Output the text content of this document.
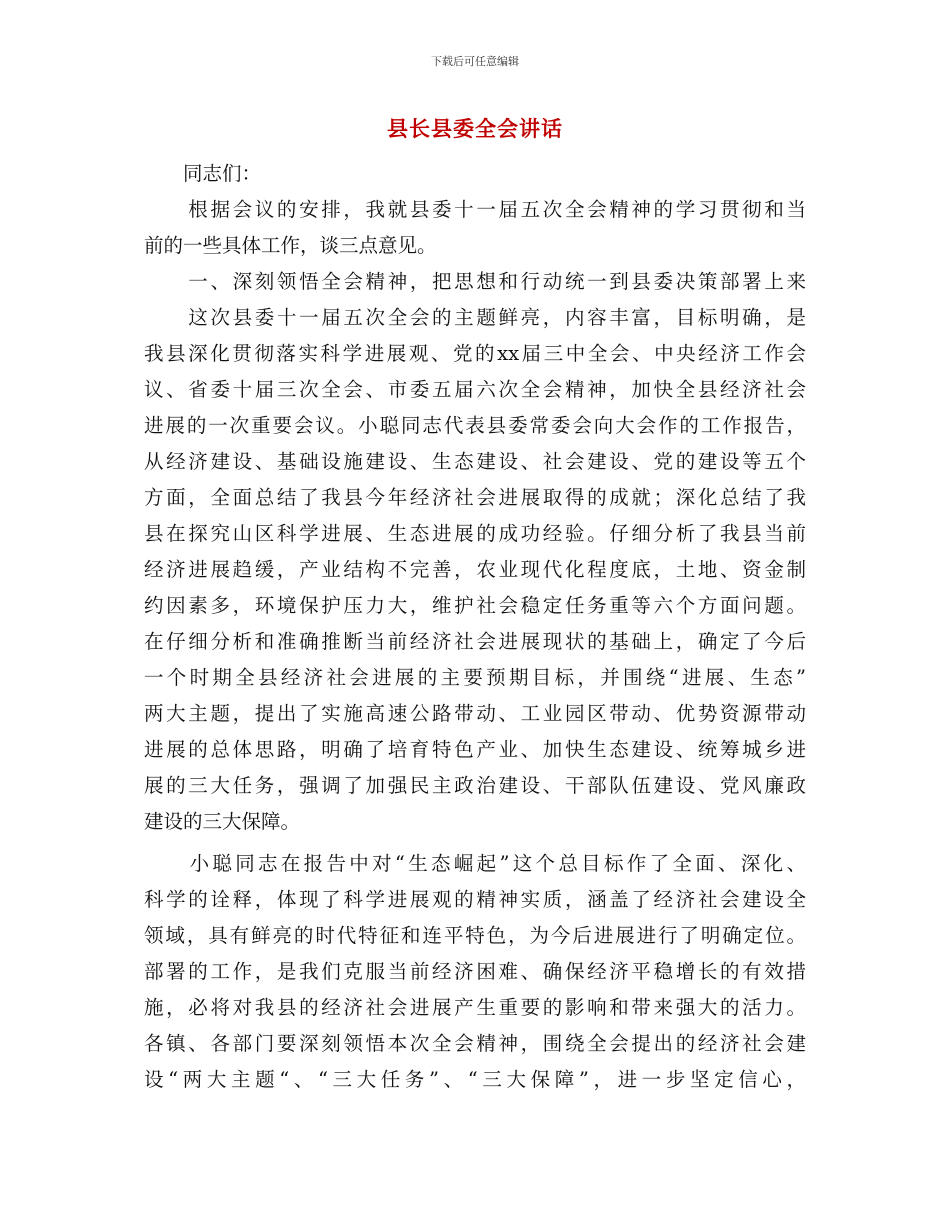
下载后可任意编辑
县长县委全会讲话
　　同志们：
　　根据会议的安排，我就县委十一届五次全会精神的学习贯彻和当
前的一些具体工作，谈三点意见。
　　一、深刻领悟全会精神，把思想和行动统一到县委决策部署上来
　　这次县委十一届五次全会的主题鲜亮，内容丰富，目标明确，是
我县深化贯彻落实科学进展观、党的xx届三中全会、中央经济工作会
议、省委十届三次全会、市委五届六次全会精神，加快全县经济社会
进展的一次重要会议。小聪同志代表县委常委会向大会作的工作报告，
从经济建设、基础设施建设、生态建设、社会建设、党的建设等五个
方面，全面总结了我县今年经济社会进展取得的成就；深化总结了我
县在探究山区科学进展、生态进展的成功经验。仔细分析了我县当前
经济进展趋缓，产业结构不完善，农业现代化程度底，土地、资金制
约因素多，环境保护压力大，维护社会稳定任务重等六个方面问题。
在仔细分析和准确推断当前经济社会进展现状的基础上，确定了今后
一个时期全县经济社会进展的主要预期目标，并围绕“进展、生态”
两大主题，提出了实施高速公路带动、工业园区带动、优势资源带动
进展的总体思路，明确了培育特色产业、加快生态建设、统筹城乡进
展的三大任务，强调了加强民主政治建设、干部队伍建设、党风廉政
建设的三大保障。
　　小聪同志在报告中对“生态崛起”这个总目标作了全面、深化、
科学的诠释，体现了科学进展观的精神实质，涵盖了经济社会建设全
领域，具有鲜亮的时代特征和连平特色，为今后进展进行了明确定位。
部署的工作，是我们克服当前经济困难、确保经济平稳增长的有效措
施，必将对我县的经济社会进展产生重要的影响和带来强大的活力。
各镇、各部门要深刻领悟本次全会精神，围绕全会提出的经济社会建
设“两大主题“、“三大任务”、“三大保障”，进一步坚定信心，
